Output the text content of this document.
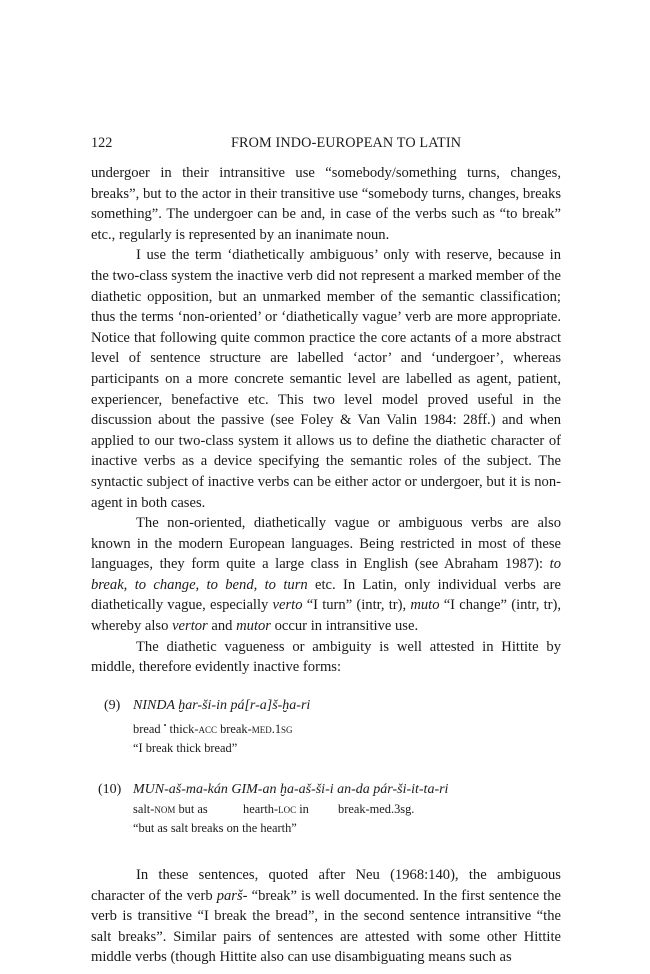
122	FROM INDO-EUROPEAN TO LATIN

undergoer in their intransitive use “somebody/something turns, changes, breaks”, but to the actor in their transitive use “somebody turns, changes, breaks something”. The undergoer can be and, in case of the verbs such as “to break” etc., regularly is represented by an inanimate noun.

I use the term ‘diathetically ambiguous’ only with reserve, because in the two-class system the inactive verb did not represent a marked member of the diathetic opposition, but an unmarked member of the semantic classification; thus the terms ‘non-oriented’ or ‘diathetically vague’ verb are more appropriate. Notice that following quite common practice the core actants of a more abstract level of sentence structure are labelled ‘actor’ and ‘undergoer’, whereas participants on a more concrete semantic level are labelled as agent, patient, experiencer, benefactive etc. This two level model proved useful in the discussion about the passive (see Foley & Van Valin 1984: 28ff.) and when applied to our two-class system it allows us to define the diathetic character of inactive verbs as a device specifying the semantic roles of the subject. The syntactic subject of inactive verbs can be either actor or undergoer, but it is non-agent in both cases.

The non-oriented, diathetically vague or ambiguous verbs are also known in the modern European languages. Being restricted in most of these languages, they form quite a large class in English (see Abraham 1987): to break, to change, to bend, to turn etc. In Latin, only individual verbs are diathetically vague, especially verto “I turn” (intr, tr), muto “I change” (intr, tr), whereby also vertor and mutor occur in intransitive use.

The diathetic vagueness or ambiguity is well attested in Hittite by middle, therefore evidently inactive forms:

(9) NINDA ḫar-ši-in pá[r-a]š-ḫa-ri
bread • thick-acc break-med.1sg
“I break thick bread”
(10) MUN-aš-ma-kán GIM-an ḫa-aš-ši-i an-da pár-ši-it-ta-ri
salt-nom but as	hearth-loc in break-med.3sg.
“but as salt breaks on the hearth”

In these sentences, quoted after Neu (1968:140), the ambiguous character of the verb parš- “break” is well documented. In the first sentence the verb is transitive “I break the bread”, in the second sentence intransitive “the salt breaks”. Similar pairs of sentences are attested with some other Hittite middle verbs (though Hittite also can use disambiguating means such as
